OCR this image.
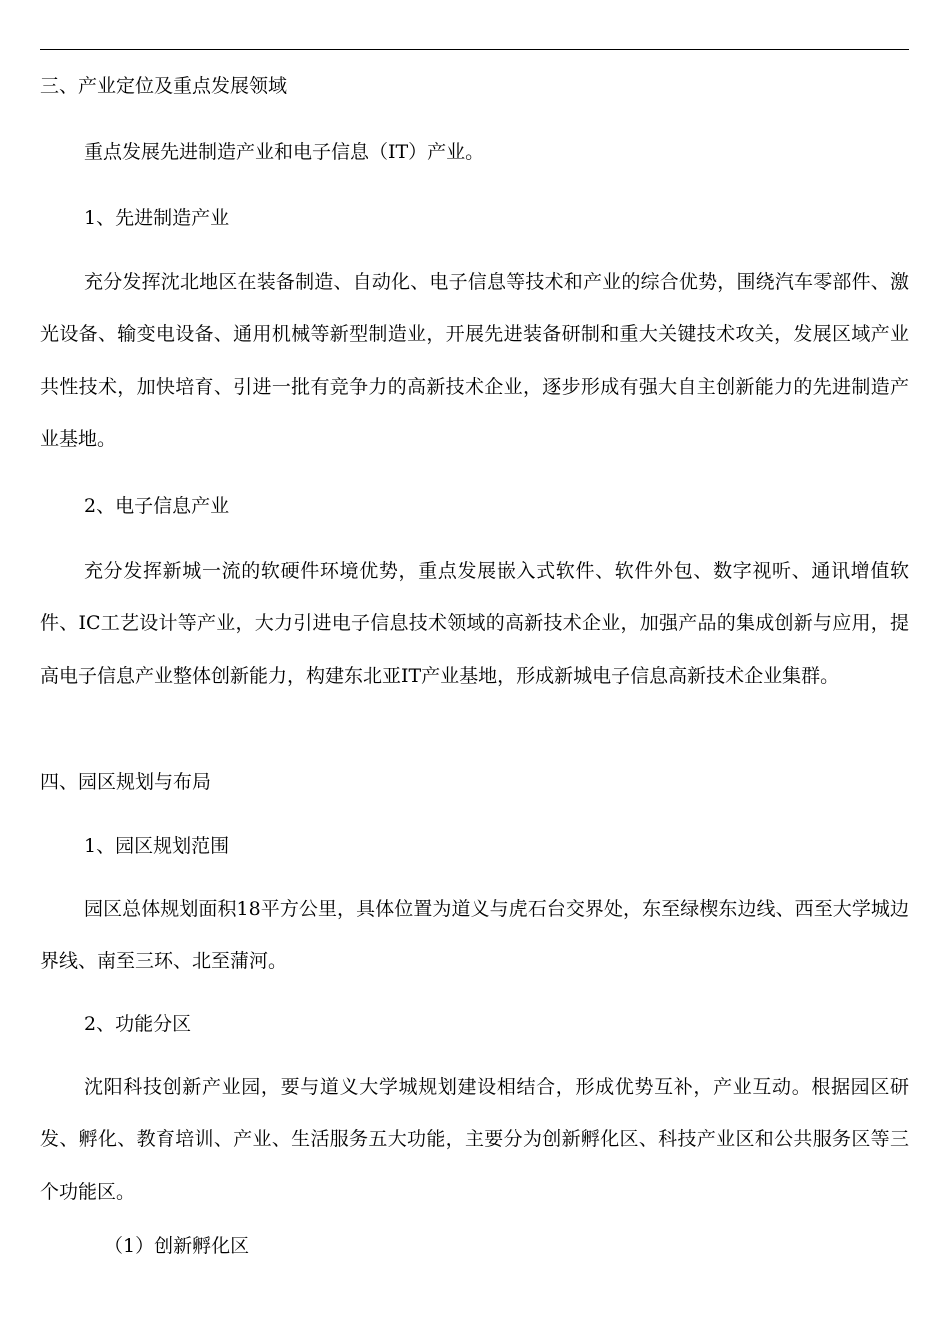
三、产业定位及重点发展领域
重点发展先进制造产业和电子信息（IT）产业。
1、先进制造产业

充分发挥沈北地区在装备制造、自动化、电子信息等技术和产业的综合优势，围绕汽车零部件、激光设备、输变电设备、通用机械等新型制造业，开展先进装备研制和重大关键技术攻关，发展区域产业共性技术，加快培育、引进一批有竞争力的高新技术企业，逐步形成有强大自主创新能力的先进制造产业基地。

2、电子信息产业

充分发挥新城一流的软硬件环境优势，重点发展嵌入式软件、软件外包、数字视听、通讯增值软件、IC工艺设计等产业，大力引进电子信息技术领域的高新技术企业，加强产品的集成创新与应用，提高电子信息产业整体创新能力，构建东北亚IT产业基地，形成新城电子信息高新技术企业集群。

四、园区规划与布局
1、园区规划范围

园区总体规划面积18平方公里，具体位置为道义与虎石台交界处，东至绿楔东边线、西至大学城边界线、南至三环、北至蒲河。

2、功能分区

沈阳科技创新产业园，要与道义大学城规划建设相结合，形成优势互补，产业互动。根据园区研发、孵化、教育培训、产业、生活服务五大功能，主要分为创新孵化区、科技产业区和公共服务区等三个功能区。

（1）创新孵化区
